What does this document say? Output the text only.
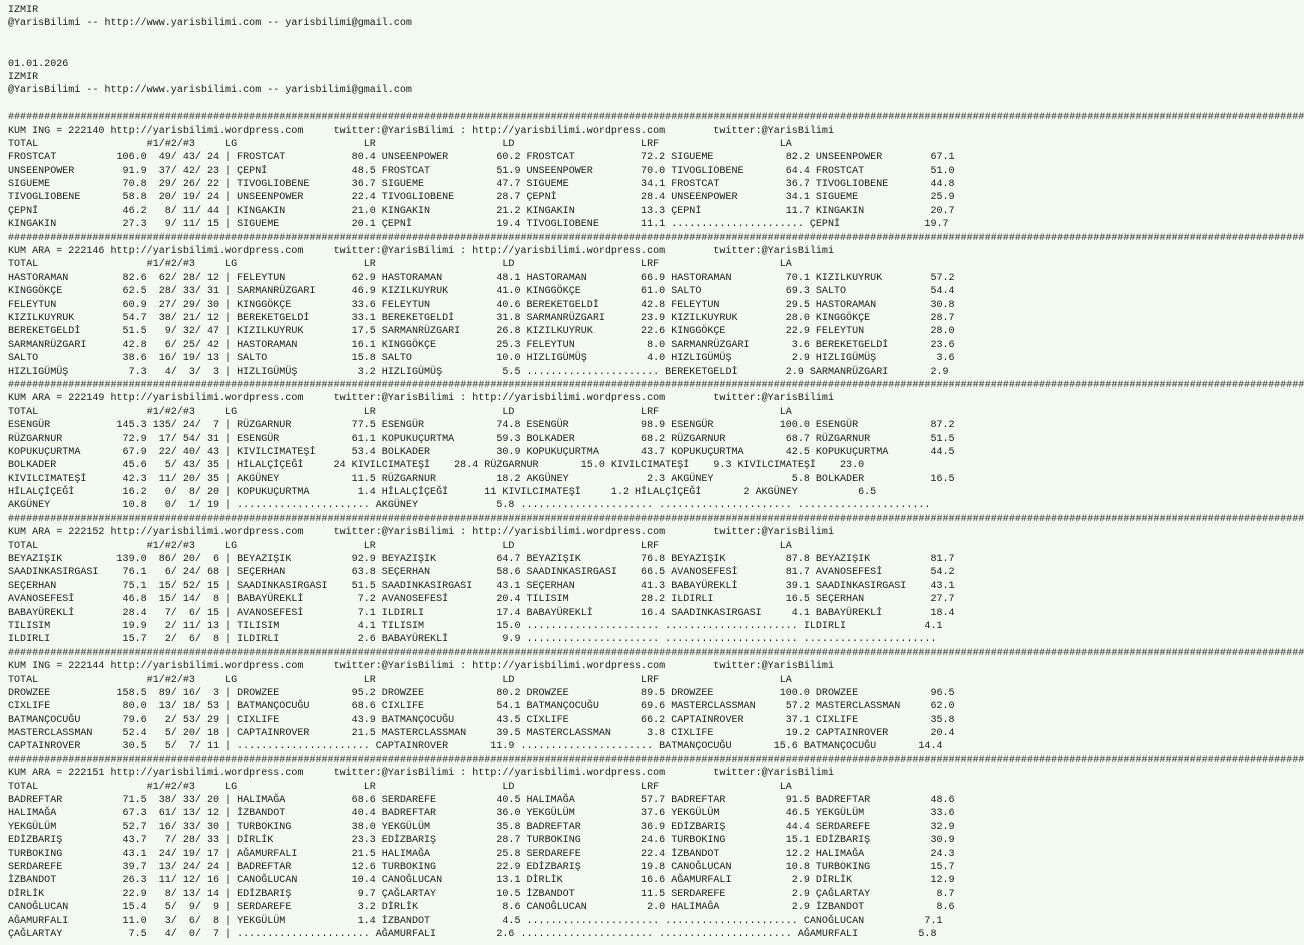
IZMIR
@YarisBilimi -- http://www.yarisbilimi.com -- yarisbilimi@gmail.com
01.01.2026
IZMIR
@YarisBilimi -- http://www.yarisbilimi.com -- yarisbilimi@gmail.com
#######################################################################################################################################################################################################################
KUM ING = 222140 http://yarisbilimi.wordpress.com     twitter:@YarisBilimi : http://yarisbilimi.wordpress.com        twitter:@YarisBilimi
TOTAL                  #1/#2/#3     LG                     LR                     LD                     LRF                    LA
FROSTCAT          106.0  49/ 43/ 24 | FROSTCAT           80.4 UNSEENPOWER        60.2 FROSTCAT           72.2 SIGUEME            82.2 UNSEENPOWER        67.1
UNSEENPOWER        91.9  37/ 42/ 23 | ÇEPNİ              48.5 FROSTCAT           51.9 UNSEENPOWER        70.0 TIVOGLIOBENE       64.4 FROSTCAT           51.0
SIGUEME            70.8  29/ 26/ 22 | TIVOGLIOBENE       36.7 SIGUEME            47.7 SIGUEME            34.1 FROSTCAT           36.7 TIVOGLIOBENE       44.8
TIVOGLIOBENE       58.8  20/ 19/ 24 | UNSEENPOWER        22.4 TIVOGLIOBENE       28.7 ÇEPNİ              28.4 UNSEENPOWER        34.1 SIGUEME            25.9
ÇEPNİ              46.2   8/ 11/ 44 | KINGAKIN           21.0 KINGAKIN           21.2 KINGAKIN           13.3 ÇEPNİ              11.7 KINGAKIN           20.7
KINGAKIN           27.3   9/ 11/ 15 | SIGUEME            20.1 ÇEPNİ              19.4 TIVOGLIOBENE       11.1 ...................... ÇEPNİ              19.7
#######################################################################################################################################################################################################################
KUM ARA = 222146 http://yarisbilimi.wordpress.com     twitter:@YarisBilimi : http://yarisbilimi.wordpress.com        twitter:@YarisBilimi
TOTAL                  #1/#2/#3     LG                     LR                     LD                     LRF                    LA
HASTORAMAN         82.6  62/ 28/ 12 | FELEYTUN           62.9 HASTORAMAN         48.1 HASTORAMAN         66.9 HASTORAMAN         70.1 KIZILKUYRUK        57.2
KINGGÖKÇE          62.5  28/ 33/ 31 | SARMANRÜZGARI      46.9 KIZILKUYRUK        41.0 KINGGÖKÇE          61.0 SALTO              69.3 SALTO              54.4
FELEYTUN           60.9  27/ 29/ 30 | KINGGÖKÇE          33.6 FELEYTUN           40.6 BEREKETGELDİ       42.8 FELEYTUN           29.5 HASTORAMAN         30.8
KIZILKUYRUK        54.7  38/ 21/ 12 | BEREKETGELDİ       33.1 BEREKETGELDİ       31.8 SARMANRÜZGARI      23.9 KIZILKUYRUK        28.0 KINGGÖKÇE          28.7
BEREKETGELDİ       51.5   9/ 32/ 47 | KIZILKUYRUK        17.5 SARMANRÜZGARI      26.8 KIZILKUYRUK        22.6 KINGGÖKÇE          22.9 FELEYTUN           28.0
SARMANRÜZGARI      42.8   6/ 25/ 42 | HASTORAMAN         16.1 KINGGÖKÇE          25.3 FELEYTUN            8.0 SARMANRÜZGARI       3.6 BEREKETGELDİ       23.6
SALTO              38.6  16/ 19/ 13 | SALTO              15.8 SALTO              10.0 HIZLIGÜMÜŞ          4.0 HIZLIGÜMÜŞ          2.9 HIZLIGÜMÜŞ          3.6
HIZLIGÜMÜŞ          7.3   4/  3/  3 | HIZLIGÜMÜŞ          3.2 HIZLIGÜMÜŞ          5.5 ...................... BEREKETGELDİ        2.9 SARMANRÜZGARI       2.9
#######################################################################################################################################################################################################################
KUM ARA = 222149 http://yarisbilimi.wordpress.com     twitter:@YarisBilimi : http://yarisbilimi.wordpress.com        twitter:@YarisBilimi
TOTAL                  #1/#2/#3     LG                     LR                     LD                     LRF                    LA
ESENGÜR           145.3 135/ 24/  7 | RÜZGARNUR          77.5 ESENGÜR            74.8 ESENGÜR            98.9 ESENGÜR           100.0 ESENGÜR            87.2
RÜZGARNUR          72.9  17/ 54/ 31 | ESENGÜR            61.1 KOPUKUÇURTMA       59.3 BOLKADER           68.2 RÜZGARNUR          68.7 RÜZGARNUR          51.5
KOPUKUÇURTMA       67.9  22/ 40/ 43 | KIVILCIMATEŞİ      53.4 BOLKADER           30.9 KOPUKUÇURTMA       43.7 KOPUKUÇURTMA       42.5 KOPUKUÇURTMA       44.5
BOLKADER           45.6   5/ 43/ 35 | HİLALÇİÇEĞİ     24 KIVILCIMATEŞİ    28.4 RÜZGARNUR       15.0 KIVILCIMATEŞİ    9.3 KIVILCIMATEŞİ    23.0
KIVILCIMATEŞİ      42.3  11/ 20/ 35 | AKGÜNEY            11.5 RÜZGARNUR          18.2 AKGÜNEY             2.3 AKGÜNEY             5.8 BOLKADER           16.5
HİLALÇİÇEĞİ        16.2   0/  8/ 20 | KOPUKUÇURTMA        1.4 HİLALÇİÇEĞİ      11 KIVILCIMATEŞİ     1.2 HİLALÇİÇEĞİ       2 AKGÜNEY          6.5
AKGÜNEY            10.8   0/  1/ 19 | ...................... AKGÜNEY             5.8 ...................... ...................... ......................
#######################################################################################################################################################################################################################
KUM ARA = 222152 http://yarisbilimi.wordpress.com     twitter:@YarisBilimi : http://yarisbilimi.wordpress.com        twitter:@YarisBilimi
TOTAL                  #1/#2/#3     LG                     LR                     LD                     LRF                    LA
BEYAZIŞIK         139.0  86/ 20/  6 | BEYAZIŞIK          92.9 BEYAZIŞIK          64.7 BEYAZIŞIK          76.8 BEYAZIŞIK          87.8 BEYAZIŞIK          81.7
SAADINKASIRGASI    76.1   6/ 24/ 68 | SEÇERHAN           63.8 SEÇERHAN           58.6 SAADINKASIRGASI    66.5 AVANOSEFESİ        81.7 AVANOSEFESİ        54.2
SEÇERHAN           75.1  15/ 52/ 15 | SAADINKASIRGASI    51.5 SAADINKASIRGASI    43.1 SEÇERHAN           41.3 BABAYÜREKLİ        39.1 SAADINKASIRGASI    43.1
AVANOSEFESİ        46.8  15/ 14/  8 | BABAYÜREKLİ         7.2 AVANOSEFESİ        20.4 TILISIM            28.2 ILDIRLI            16.5 SEÇERHAN           27.7
BABAYÜREKLİ        28.4   7/  6/ 15 | AVANOSEFESİ         7.1 ILDIRLI            17.4 BABAYÜREKLİ        16.4 SAADINKASIRGASI     4.1 BABAYÜREKLİ        18.4
TILISIM            19.9   2/ 11/ 13 | TILISIM             4.1 TILISIM            15.0 ...................... ...................... ILDIRLI             4.1
ILDIRLI            15.7   2/  6/  8 | ILDIRLI             2.6 BABAYÜREKLİ         9.9 ...................... ...................... ......................
#######################################################################################################################################################################################################################
KUM ING = 222144 http://yarisbilimi.wordpress.com     twitter:@YarisBilimi : http://yarisbilimi.wordpress.com        twitter:@YarisBilimi
TOTAL                  #1/#2/#3     LG                     LR                     LD                     LRF                    LA
DROWZEE           158.5  89/ 16/  3 | DROWZEE            95.2 DROWZEE            80.2 DROWZEE            89.5 DROWZEE           100.0 DROWZEE            96.5
CIXLIFE            80.0  13/ 18/ 53 | BATMANÇOCUĞU       68.6 CIXLIFE            54.1 BATMANÇOCUĞU       69.6 MASTERCLASSMAN     57.2 MASTERCLASSMAN     62.0
BATMANÇOCUĞU       79.6   2/ 53/ 29 | CIXLIFE            43.9 BATMANÇOCUĞU       43.5 CIXLIFE            66.2 CAPTAINROVER       37.1 CIXLIFE            35.8
MASTERCLASSMAN     52.4   5/ 20/ 18 | CAPTAINROVER       21.5 MASTERCLASSMAN     39.5 MASTERCLASSMAN      3.8 CIXLIFE            19.2 CAPTAINROVER       20.4
CAPTAINROVER       30.5   5/  7/ 11 | ...................... CAPTAINROVER       11.9 ...................... BATMANÇOCUĞU       15.6 BATMANÇOCUĞU       14.4
#######################################################################################################################################################################################################################
KUM ARA = 222151 http://yarisbilimi.wordpress.com     twitter:@YarisBilimi : http://yarisbilimi.wordpress.com        twitter:@YarisBilimi
TOTAL                  #1/#2/#3     LG                     LR                     LD                     LRF                    LA
BADREFTAR          71.5  38/ 33/ 20 | HALIMAĞA           68.6 SERDAREFE          40.5 HALIMAĞA           57.7 BADREFTAR          91.5 BADREFTAR          48.6
HALIMAĞA           67.3  61/ 13/ 12 | İZBANDOT           40.4 BADREFTAR          36.0 YEKGÜLÜM           37.6 YEKGÜLÜM           46.5 YEKGÜLÜM           33.6
YEKGÜLÜM           52.7  16/ 33/ 30 | TURBOKING          38.0 YEKGÜLÜM           35.8 BADREFTAR          36.9 EDİZBARIŞ          44.4 SERDAREFE          32.9
EDİZBARIŞ          43.7   7/ 28/ 33 | DİRLİK             23.3 EDİZBARIŞ          28.7 TURBOKING          24.6 TURBOKING          15.1 EDİZBARIŞ          30.9
TURBOKING          43.1  24/ 19/ 17 | AĞAMURFALI         21.5 HALIMAĞA           25.8 SERDAREFE          22.4 İZBANDOT           12.2 HALIMAĞA           24.3
SERDAREFE          39.7  13/ 24/ 24 | BADREFTAR          12.6 TURBOKING          22.9 EDİZBARIŞ          19.8 CANOĞLUCAN         10.8 TURBOKING          15.7
İZBANDOT           26.3  11/ 12/ 16 | CANOĞLUCAN         10.4 CANOĞLUCAN         13.1 DİRLİK             16.6 AĞAMURFALI          2.9 DİRLİK             12.9
DİRLİK             22.9   8/ 13/ 14 | EDİZBARIŞ           9.7 ÇAĞLARTAY          10.5 İZBANDOT           11.5 SERDAREFE           2.9 ÇAĞLARTAY           8.7
CANOĞLUCAN         15.4   5/  9/  9 | SERDAREFE           3.2 DİRLİK              8.6 CANOĞLUCAN          2.0 HALIMAĞA            2.9 İZBANDOT            8.6
AĞAMURFALI         11.0   3/  6/  8 | YEKGÜLÜM            1.4 İZBANDOT            4.5 ...................... ...................... CANOĞLUCAN          7.1
ÇAĞLARTAY           7.5   4/  0/  7 | ...................... AĞAMURFALI          2.6 ...................... ...................... AĞAMURFALI          5.8
